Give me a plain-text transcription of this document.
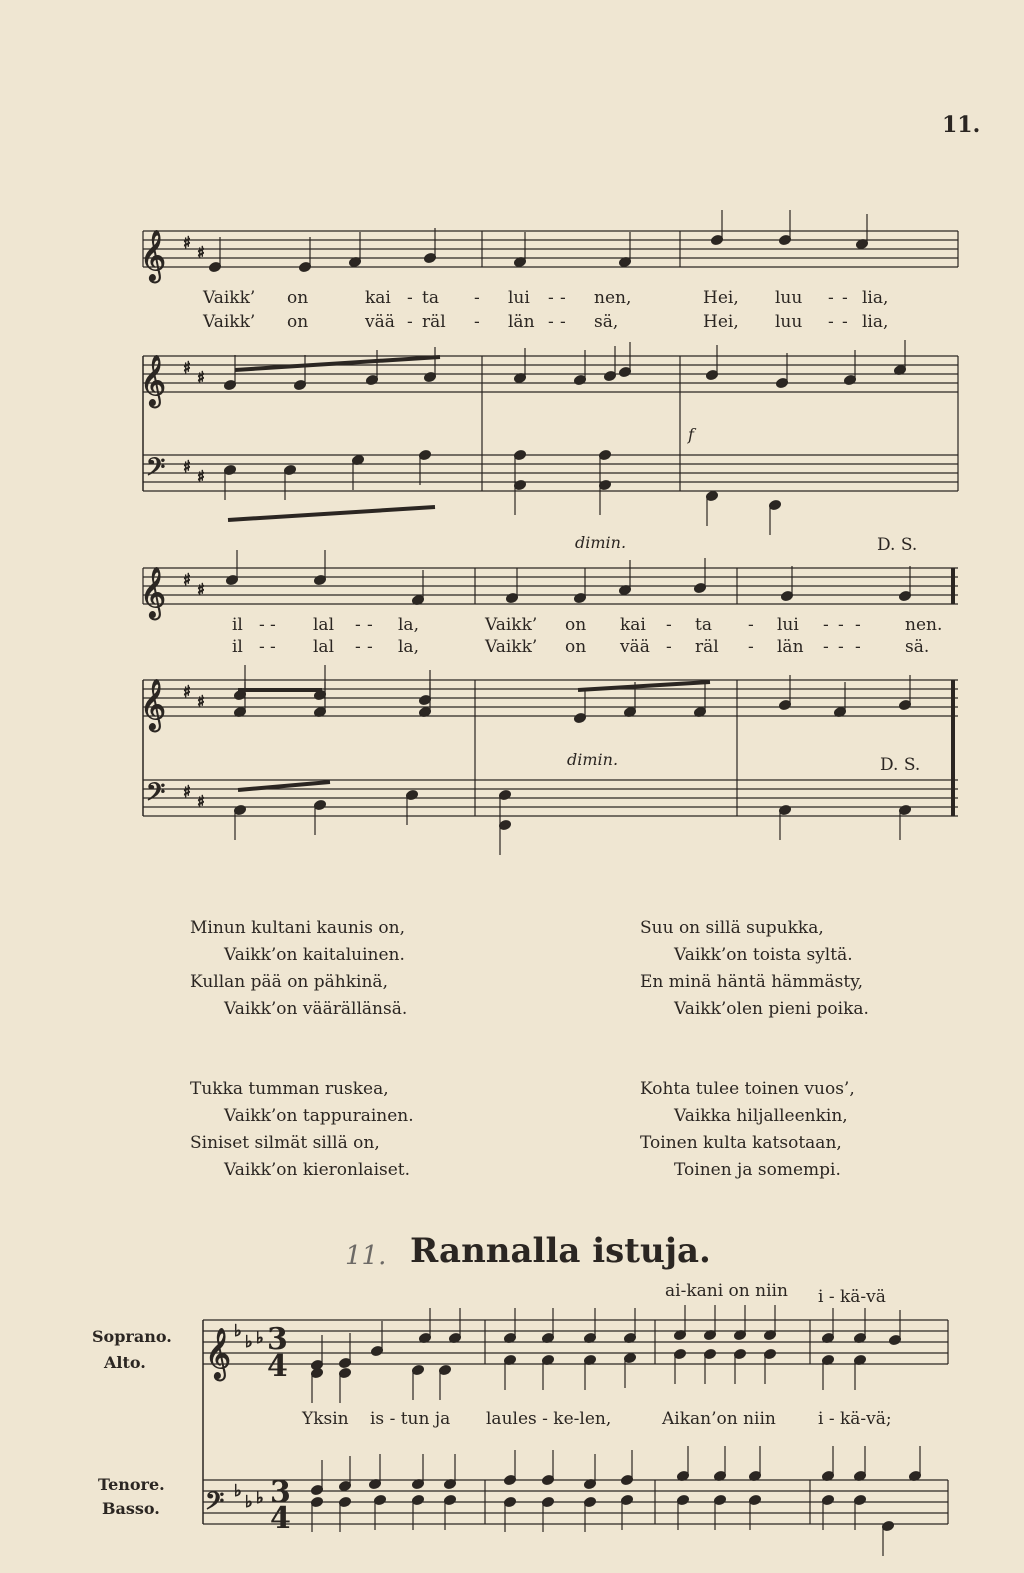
11.
𝄞 ♯
♯
𝄞
𝄢
♯
♯
♯
♯
𝄞 ♯
♯
𝄞
𝄢
♯
♯
♯
♯
𝄞
𝄢
♭
♭ ♭
♭
♭ ♭
Vaikk’ on	kai - ta - lui - - nen,	Hei, luu - - lia,
Vaikk’ on	vää - räl - län - - sä,	Hei, luu - - lia,
f
dimin.	D. S.
il - - lal - - la,	Vaikk’ on kai - ta - lui - - -	nen.
il - - lal - - la,	Vaikk’ on vää - räl - län - - -	sä.
dimin.	D. S.
11. Rannalla istuja.
Soprano.
Alto.
Tenore.
Basso.
ai-kani on niin i - kä-vä
Yksin is - tun ja laules - ke-len,	Aikan’on niin i - kä-vä;
3
4
3
4
Minun kultani kaunis on,
Vaikk’on kaitaluinen.
Kullan pää on pähkinä,
Vaikk’on väärällänsä.
Suu on sillä supukka,
Vaikk’on toista syltä.
En minä häntä hämmästy,
Vaikk’olen pieni poika.
Tukka tumman ruskea,
Vaikk’on tappurainen.
Siniset silmät sillä on,
Vaikk’on kieronlaiset.
Kohta tulee toinen vuos’,
Vaikka hiljalleenkin,
Toinen kulta katsotaan,
Toinen ja somempi.
